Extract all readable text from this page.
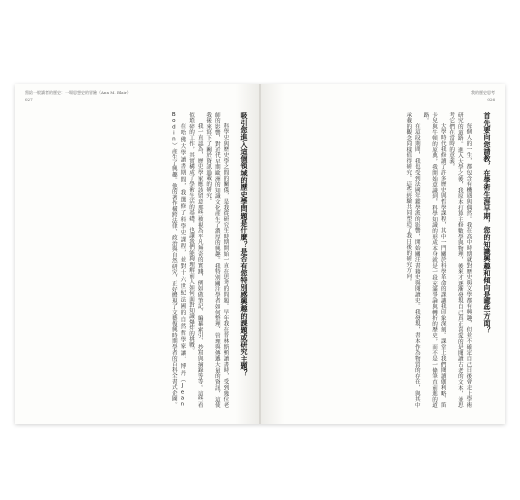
寫給一般讀者的歷史：一場思想史的冒險（Ann M. Blair）
027
吸引您進入這個領域的歷史學問題是什麼？是否有您特別感興趣的課題或研究主題？

科學史與歷史學之間的關係，是我從研究生時期開始一直在思考的問題。早年我在普林斯頓讀書時，受到幾位老師的影響，對近代早期歐洲的知識文化產生了濃厚的興趣。我特別關注學者如何整理、管理與傳遞大量的資訊，這使我後來寫下了關於資訊過載的研究。

我一直認為，歷史學家應該留意那些被視為平凡無奇的實踐，例如做筆記、編纂索引、抄寫與摘錄等等。這些看似瑣碎的工作，其實構成了學術生活的基礎，也讓我們能夠理解前人如何面對知識爆炸的挑戰。

在哈佛大學讀書期間，我選修了科學史課程，並對十六世紀法國的自然哲學家讓．博丹（Jean Bodin）產生了興趣。他的著作橫跨法律、政治與自然研究，正好體現了文藝復興時期學者的百科全書式企圖。

我的歷史思考
026
首先要向您請教，在學術生涯早期，您的知識興趣和傾向是哪些方面？

每個人的一生，都包含有機遇與偶然。我在高中時期就對歷史與文學都有興趣，但並不確定自己日後會走上學術研究的道路。進入大學之後，我原本打算主修數學與物理，後來才逐漸發現自己真正喜愛的是閱讀古老的文本，並思考它們在當時的意義。

大學時代我修讀了許多歷史與哲學課程，其中一門關於科學革命的課讓我印象深刻。課堂上我們閱讀伽利略、笛卡兒與牛頓的原典，我開始意識到，科學知識的形成本身就是一段充滿爭論與轉折的歷史，而不是一條筆直前進的道路。

在這段期間，我也受到法國年鑑學派的影響，開始關注書籍史與閱讀史。我發現，書本作為物質的存在，與其中承載的觀念同樣值得研究。這些經驗共同塑造了我日後的研究方向。
